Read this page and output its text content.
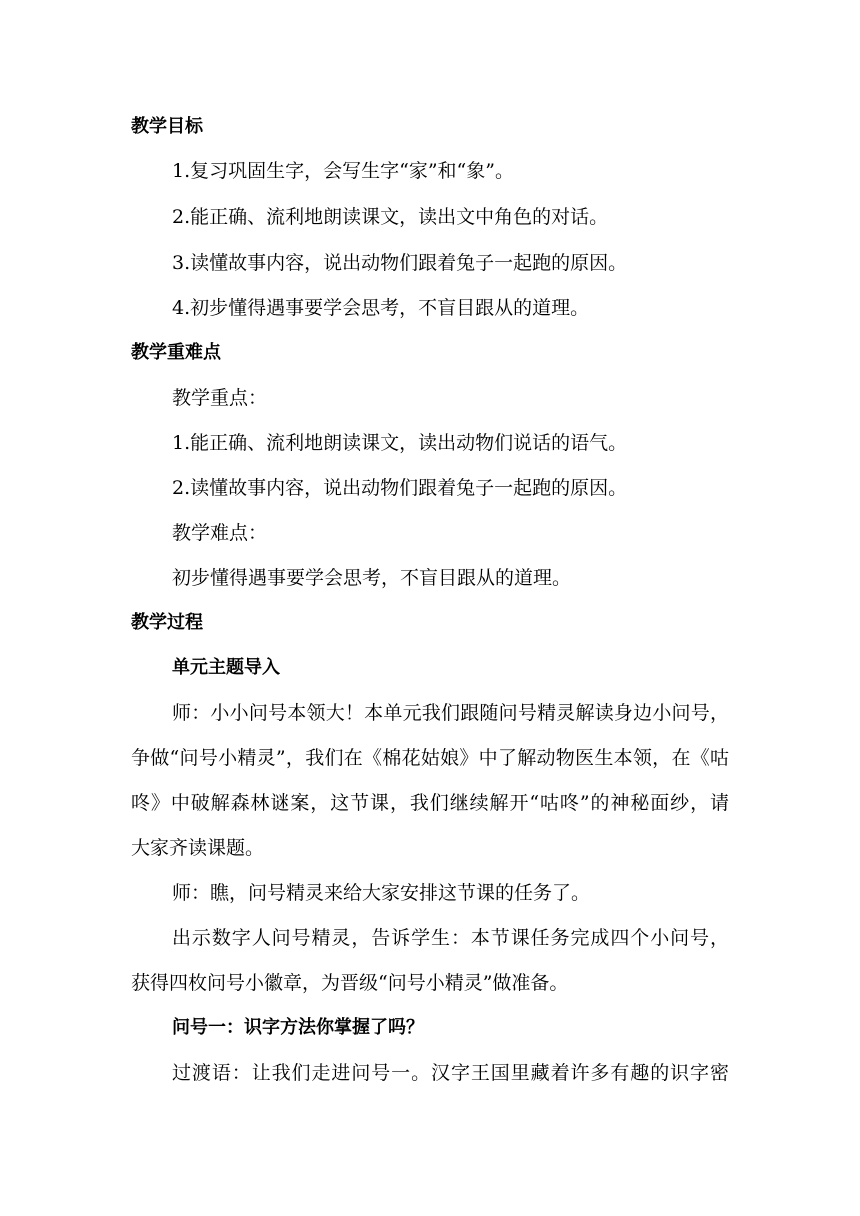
教学目标
1.复习巩固生字，会写生字“家”和“象”。
2.能正确、流利地朗读课文，读出文中角色的对话。
3.读懂故事内容，说出动物们跟着兔子一起跑的原因。
4.初步懂得遇事要学会思考，不盲目跟从的道理。
教学重难点
教学重点：
1.能正确、流利地朗读课文，读出动物们说话的语气。
2.读懂故事内容，说出动物们跟着兔子一起跑的原因。
教学难点：
初步懂得遇事要学会思考，不盲目跟从的道理。
教学过程
单元主题导入
师：小小问号本领大！本单元我们跟随问号精灵解读身边小问号，
争做“问号小精灵”，我们在《棉花姑娘》中了解动物医生本领，在《咕
咚》中破解森林谜案，这节课，我们继续解开“咕咚”的神秘面纱，请
大家齐读课题。
师：瞧，问号精灵来给大家安排这节课的任务了。
出示数字人问号精灵，告诉学生：本节课任务完成四个小问号，
获得四枚问号小徽章，为晋级“问号小精灵”做准备。
问号一：识字方法你掌握了吗？
过渡语：让我们走进问号一。汉字王国里藏着许多有趣的识字密
